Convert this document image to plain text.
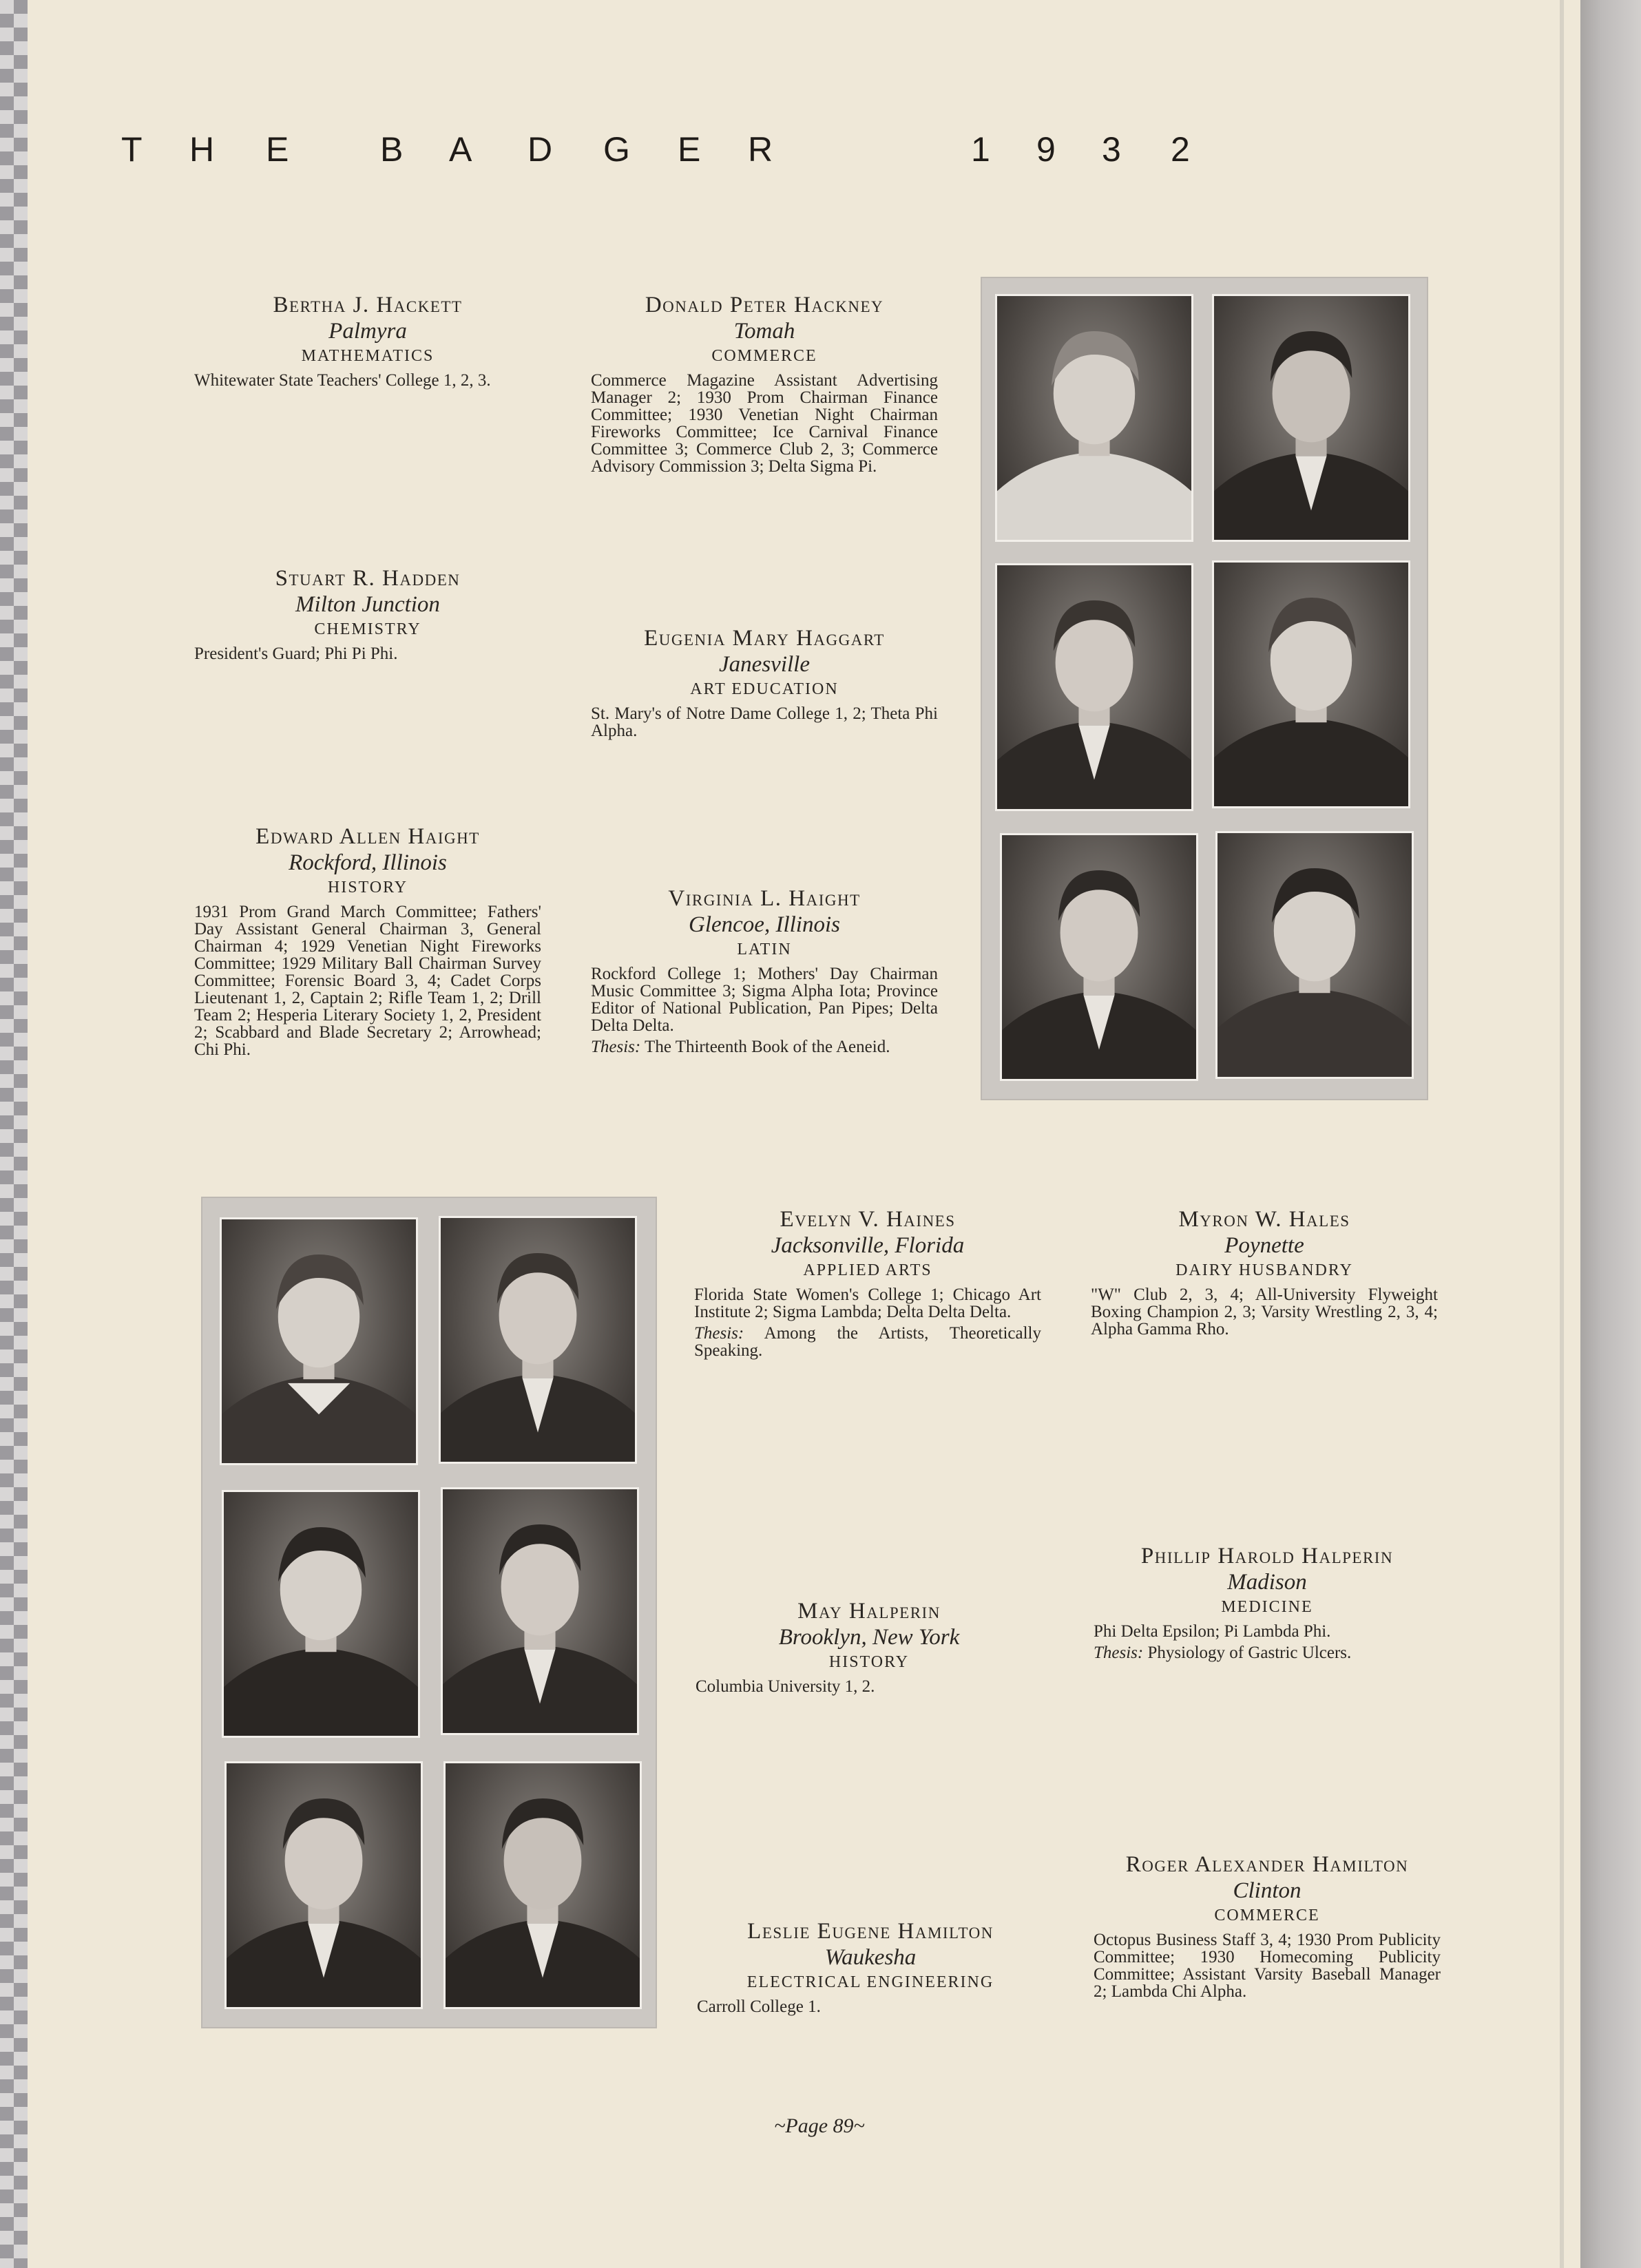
T H E	B A D G E R	1 9 3 2
Bertha J. Hackett
Palmyra
MATHEMATICS
Whitewater State Teachers' College 1, 2, 3.
Donald Peter Hackney
Tomah
COMMERCE
Commerce Magazine Assistant Advertising Manager 2; 1930 Prom Chairman Finance Committee; 1930 Venetian Night Chairman Fireworks Committee; Ice Carnival Finance Committee 3; Commerce Club 2, 3; Commerce Advisory Commission 3; Delta Sigma Pi.
Stuart R. Hadden
Milton Junction
CHEMISTRY
President's Guard; Phi Pi Phi.
Eugenia Mary Haggart
Janesville
ART EDUCATION
St. Mary's of Notre Dame College 1, 2; Theta Phi Alpha.
Edward Allen Haight
Rockford, Illinois
HISTORY
1931 Prom Grand March Committee; Fathers' Day Assistant General Chairman 3, General Chairman 4; 1929 Venetian Night Fireworks Committee; 1929 Military Ball Chairman Survey Committee; Forensic Board 3, 4; Cadet Corps Lieutenant 1, 2, Captain 2; Rifle Team 1, 2; Drill Team 2; Hesperia Literary Society 1, 2, President 2; Scabbard and Blade Secretary 2; Arrowhead; Chi Phi.
Virginia L. Haight
Glencoe, Illinois
LATIN
Rockford College 1; Mothers' Day Chairman Music Committee 3; Sigma Alpha Iota; Province Editor of National Publication, Pan Pipes; Delta Delta Delta.
Thesis: The Thirteenth Book of the Aeneid.
Evelyn V. Haines
Jacksonville, Florida
APPLIED ARTS
Florida State Women's College 1; Chicago Art Institute 2; Sigma Lambda; Delta Delta Delta.
Thesis: Among the Artists, Theoretically Speaking.
Myron W. Hales
Poynette
DAIRY HUSBANDRY
"W" Club 2, 3, 4; All-University Flyweight Boxing Champion 2, 3; Varsity Wrestling 2, 3, 4; Alpha Gamma Rho.
May Halperin
Brooklyn, New York
HISTORY
Columbia University 1, 2.
Phillip Harold Halperin
Madison
MEDICINE
Phi Delta Epsilon; Pi Lambda Phi.
Thesis: Physiology of Gastric Ulcers.
Leslie Eugene Hamilton
Waukesha
ELECTRICAL ENGINEERING
Carroll College 1.
Roger Alexander Hamilton
Clinton
COMMERCE
Octopus Business Staff 3, 4; 1930 Prom Publicity Committee; 1930 Homecoming Publicity Committee; Assistant Varsity Baseball Manager 2; Lambda Chi Alpha.
~Page 89~
